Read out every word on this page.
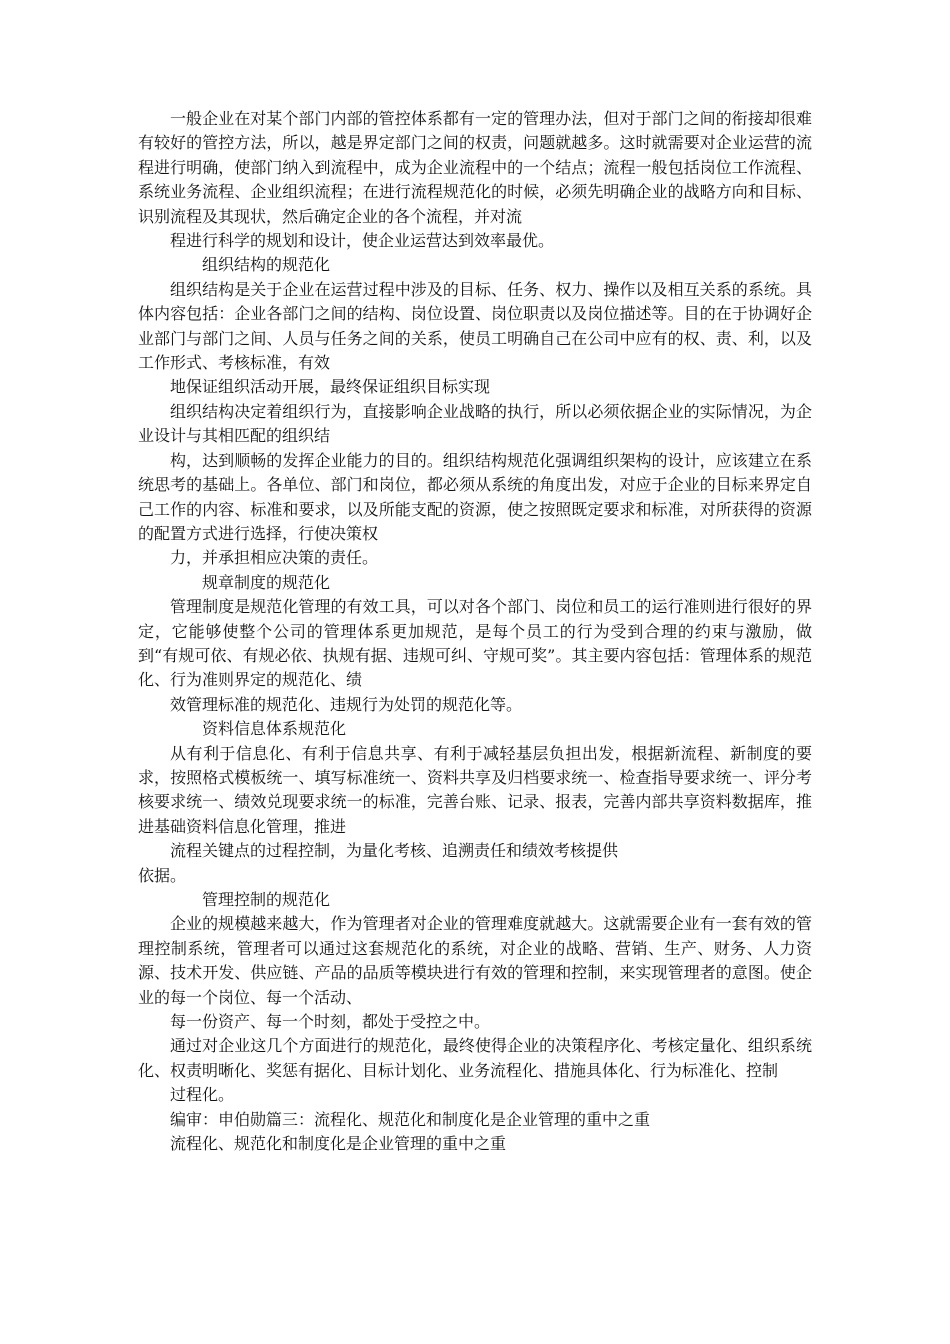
一般企业在对某个部门内部的管控体系都有一定的管理办法，但对于部门之间的衔接却很难有较好的管控方法，所以，越是界定部门之间的权责，问题就越多。这时就需要对企业运营的流程进行明确，使部门纳入到流程中，成为企业流程中的一个结点；流程一般包括岗位工作流程、系统业务流程、企业组织流程；在进行流程规范化的时候，必须先明确企业的战略方向和目标、识别流程及其现状，然后确定企业的各个流程，并对流

程进行科学的规划和设计，使企业运营达到效率最优。

组织结构的规范化

组织结构是关于企业在运营过程中涉及的目标、任务、权力、操作以及相互关系的系统。具体内容包括：企业各部门之间的结构、岗位设置、岗位职责以及岗位描述等。目的在于协调好企业部门与部门之间、人员与任务之间的关系，使员工明确自己在公司中应有的权、责、利，以及工作形式、考核标准，有效

地保证组织活动开展，最终保证组织目标实现

组织结构决定着组织行为，直接影响企业战略的执行，所以必须依据企业的实际情况，为企业设计与其相匹配的组织结

构，达到顺畅的发挥企业能力的目的。组织结构规范化强调组织架构的设计，应该建立在系统思考的基础上。各单位、部门和岗位，都必须从系统的角度出发，对应于企业的目标来界定自己工作的内容、标准和要求，以及所能支配的资源，使之按照既定要求和标准，对所获得的资源的配置方式进行选择，行使决策权

力，并承担相应决策的责任。

规章制度的规范化

管理制度是规范化管理的有效工具，可以对各个部门、岗位和员工的运行准则进行很好的界定，它能够使整个公司的管理体系更加规范，是每个员工的行为受到合理的约束与激励，做到“有规可依、有规必依、执规有据、违规可纠、守规可奖”。其主要内容包括：管理体系的规范化、行为准则界定的规范化、绩

效管理标准的规范化、违规行为处罚的规范化等。

资料信息体系规范化

从有利于信息化、有利于信息共享、有利于减轻基层负担出发，根据新流程、新制度的要求，按照格式模板统一、填写标准统一、资料共享及归档要求统一、检查指导要求统一、评分考核要求统一、绩效兑现要求统一的标准，完善台账、记录、报表，完善内部共享资料数据库，推进基础资料信息化管理，推进

流程关键点的过程控制，为量化考核、追溯责任和绩效考核提供

依据。

管理控制的规范化

企业的规模越来越大，作为管理者对企业的管理难度就越大。这就需要企业有一套有效的管理控制系统，管理者可以通过这套规范化的系统，对企业的战略、营销、生产、财务、人力资源、技术开发、供应链、产品的品质等模块进行有效的管理和控制，来实现管理者的意图。使企业的每一个岗位、每一个活动、

每一份资产、每一个时刻，都处于受控之中。

通过对企业这几个方面进行的规范化，最终使得企业的决策程序化、考核定量化、组织系统化、权责明晰化、奖惩有据化、目标计划化、业务流程化、措施具体化、行为标准化、控制

过程化。

编审：申伯勋篇三：流程化、规范化和制度化是企业管理的重中之重

流程化、规范化和制度化是企业管理的重中之重
